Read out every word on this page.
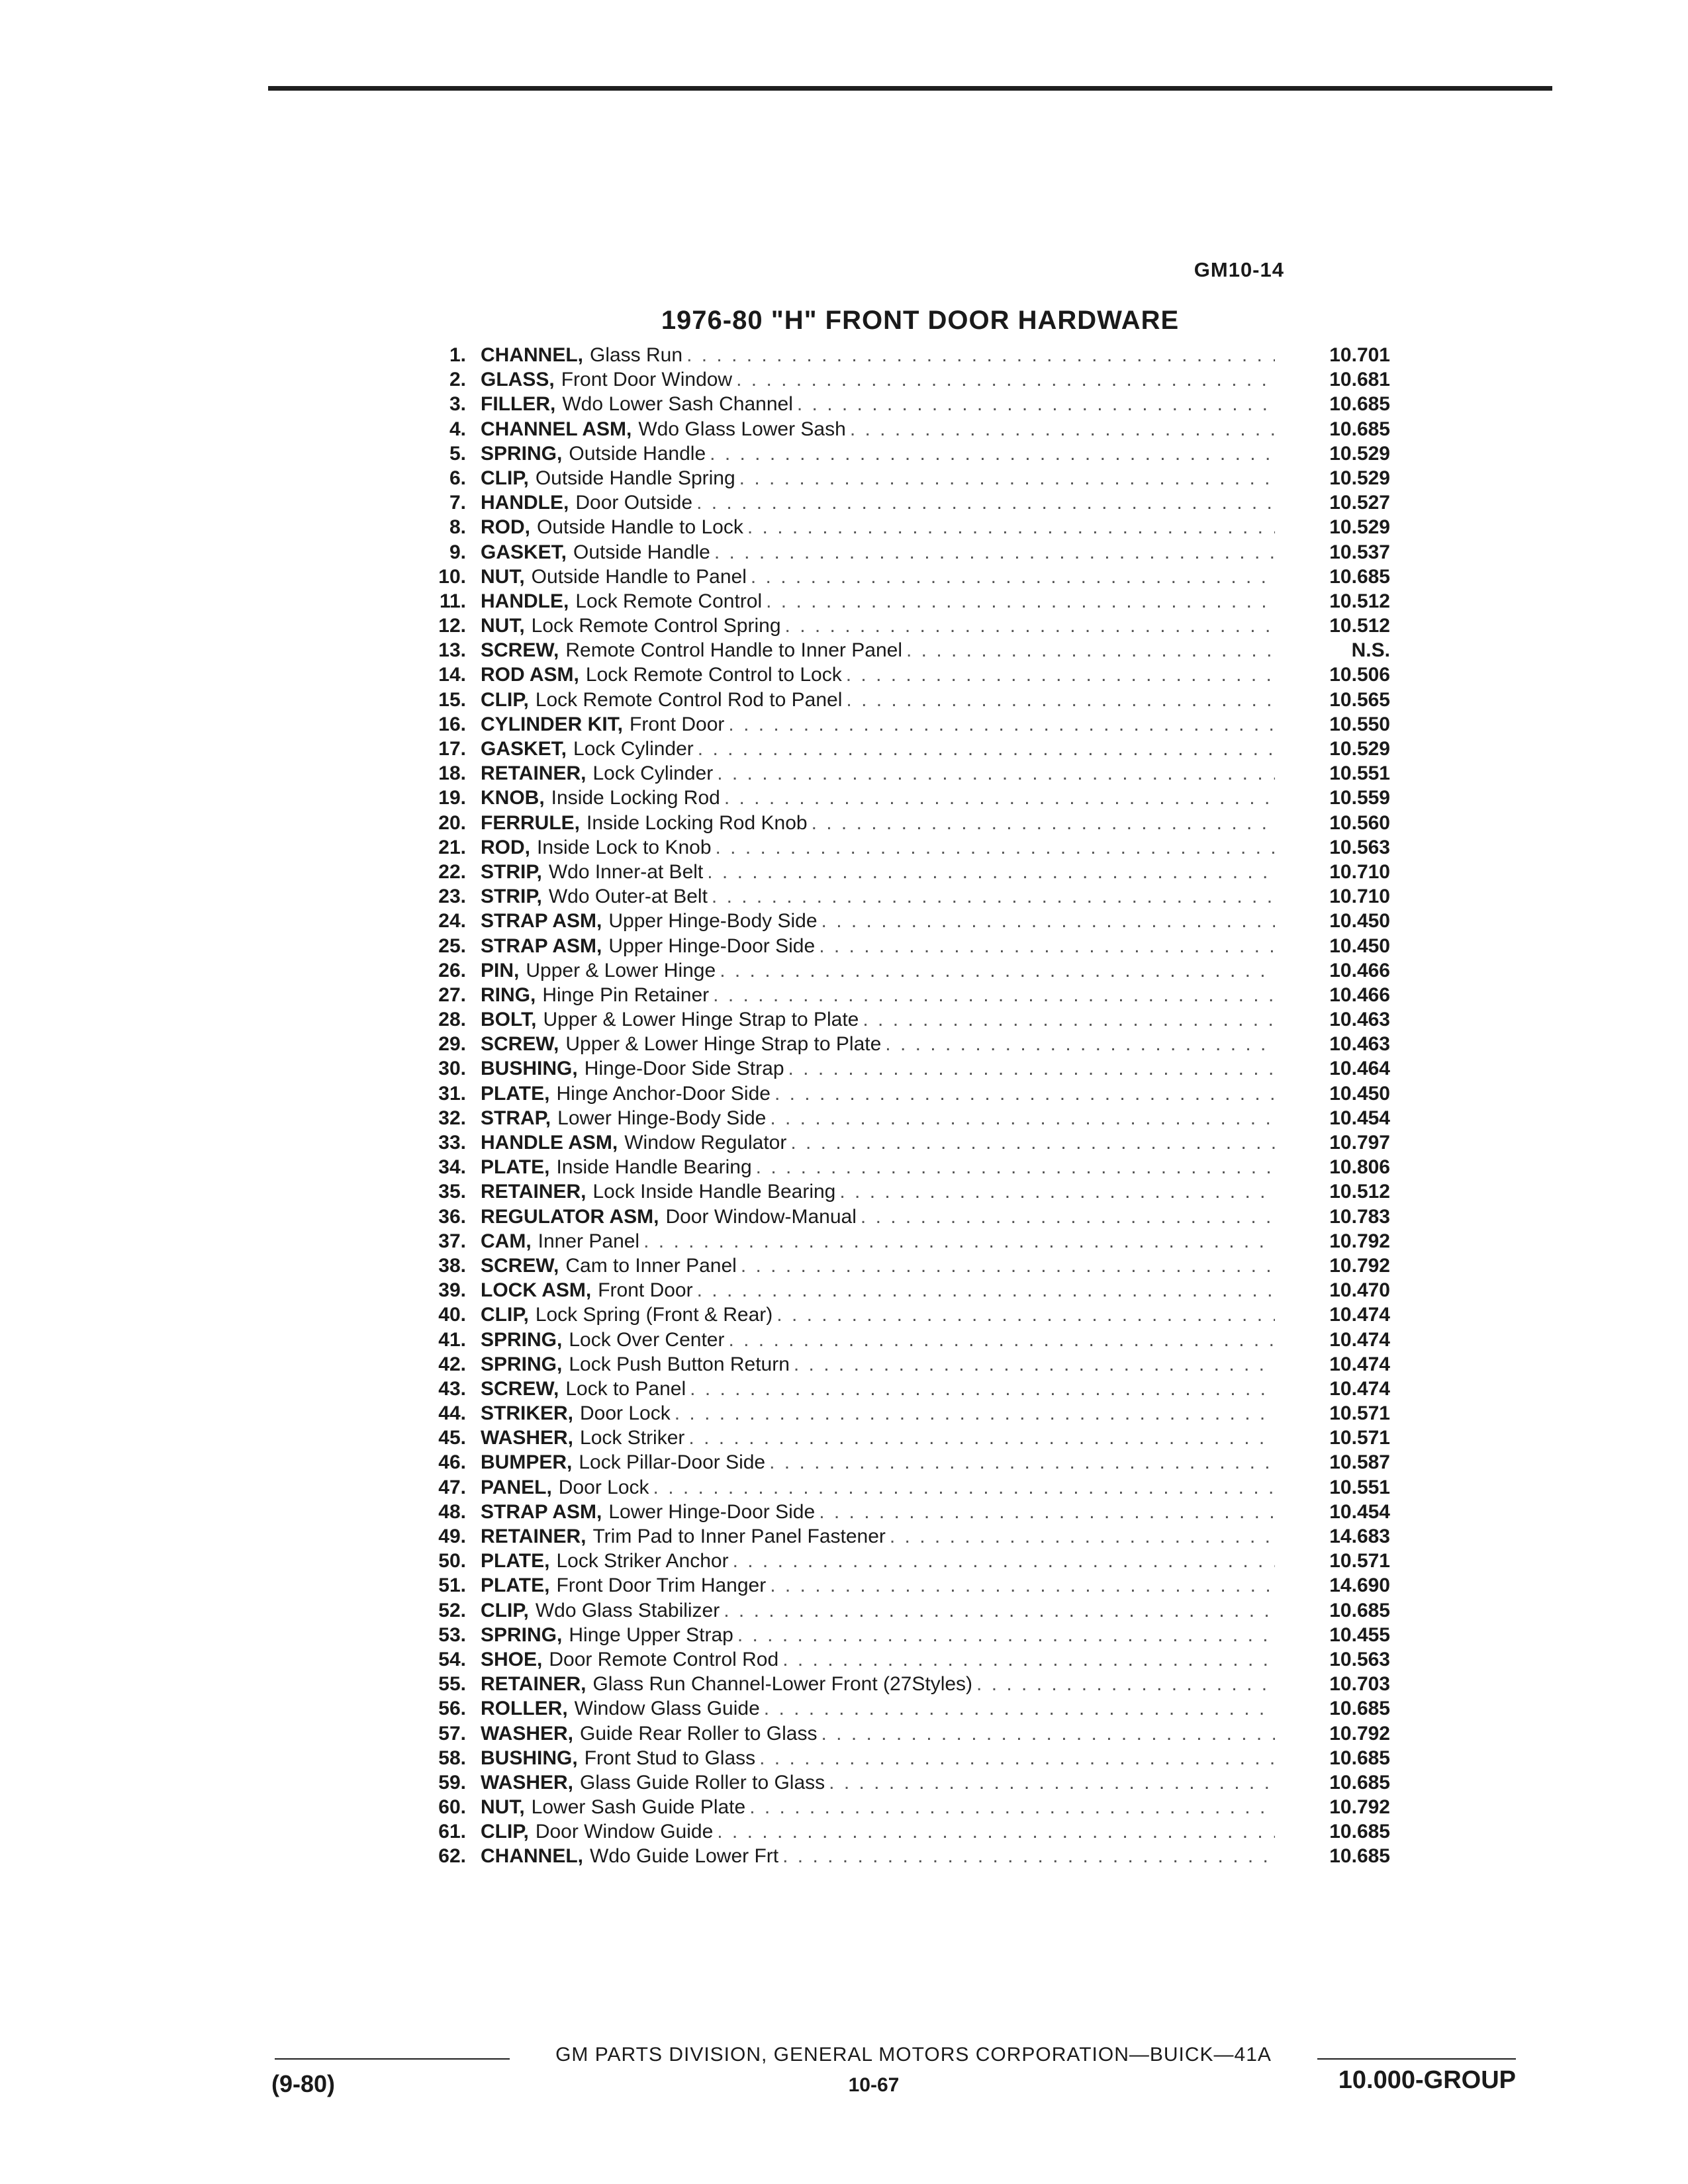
GM10-14
1976-80 "H" FRONT DOOR HARDWARE
1. CHANNEL, Glass Run . . .	10.701
2. GLASS, Front Door Window . . .	10.681
3. FILLER, Wdo Lower Sash Channel . . .	10.685
4. CHANNEL ASM, Wdo Glass Lower Sash . . .	10.685
5. SPRING, Outside Handle . . .	10.529
6. CLIP, Outside Handle Spring . . .	10.529
7. HANDLE, Door Outside . . .	10.527
8. ROD, Outside Handle to Lock . . .	10.529
9. GASKET, Outside Handle . . .	10.537
10. NUT, Outside Handle to Panel . . .	10.685
11. HANDLE, Lock Remote Control . . .	10.512
12. NUT, Lock Remote Control Spring . . .	10.512
13. SCREW, Remote Control Handle to Inner Panel . . .	N.S.
14. ROD ASM, Lock Remote Control to Lock . . .	10.506
15. CLIP, Lock Remote Control Rod to Panel . . .	10.565
16. CYLINDER KIT, Front Door . . .	10.550
17. GASKET, Lock Cylinder . . .	10.529
18. RETAINER, Lock Cylinder . . .	10.551
19. KNOB, Inside Locking Rod . . .	10.559
20. FERRULE, Inside Locking Rod Knob . . .	10.560
21. ROD, Inside Lock to Knob . . .	10.563
22. STRIP, Wdo Inner-at Belt . . .	10.710
23. STRIP, Wdo Outer-at Belt . . .	10.710
24. STRAP ASM, Upper Hinge-Body Side . . .	10.450
25. STRAP ASM, Upper Hinge-Door Side . . .	10.450
26. PIN, Upper & Lower Hinge . . .	10.466
27. RING, Hinge Pin Retainer . . .	10.466
28. BOLT, Upper & Lower Hinge Strap to Plate . . .	10.463
29. SCREW, Upper & Lower Hinge Strap to Plate . . .	10.463
30. BUSHING, Hinge-Door Side Strap . . .	10.464
31. PLATE, Hinge Anchor-Door Side . . .	10.450
32. STRAP, Lower Hinge-Body Side . . .	10.454
33. HANDLE ASM, Window Regulator . . .	10.797
34. PLATE, Inside Handle Bearing . . .	10.806
35. RETAINER, Lock Inside Handle Bearing . . .	10.512
36. REGULATOR ASM, Door Window-Manual . . .	10.783
37. CAM, Inner Panel . . .	10.792
38. SCREW, Cam to Inner Panel . . .	10.792
39. LOCK ASM, Front Door . . .	10.470
40. CLIP, Lock Spring (Front & Rear) . . .	10.474
41. SPRING, Lock Over Center . . .	10.474
42. SPRING, Lock Push Button Return . . .	10.474
43. SCREW, Lock to Panel . . .	10.474
44. STRIKER, Door Lock . . .	10.571
45. WASHER, Lock Striker . . .	10.571
46. BUMPER, Lock Pillar-Door Side . . .	10.587
47. PANEL, Door Lock . . .	10.551
48. STRAP ASM, Lower Hinge-Door Side . . .	10.454
49. RETAINER, Trim Pad to Inner Panel Fastener . . .	14.683
50. PLATE, Lock Striker Anchor . . .	10.571
51. PLATE, Front Door Trim Hanger . . .	14.690
52. CLIP, Wdo Glass Stabilizer . . .	10.685
53. SPRING, Hinge Upper Strap . . .	10.455
54. SHOE, Door Remote Control Rod . . .	10.563
55. RETAINER, Glass Run Channel-Lower Front (27Styles) . . .	10.703
56. ROLLER, Window Glass Guide . . .	10.685
57. WASHER, Guide Rear Roller to Glass . . .	10.792
58. BUSHING, Front Stud to Glass . . .	10.685
59. WASHER, Glass Guide Roller to Glass . . .	10.685
60. NUT, Lower Sash Guide Plate . . .	10.792
61. CLIP, Door Window Guide . . .	10.685
62. CHANNEL, Wdo Guide Lower Frt . . .	10.685
GM PARTS DIVISION, GENERAL MOTORS CORPORATION—BUICK—41A
(9-80)	10-67	10.000-GROUP
